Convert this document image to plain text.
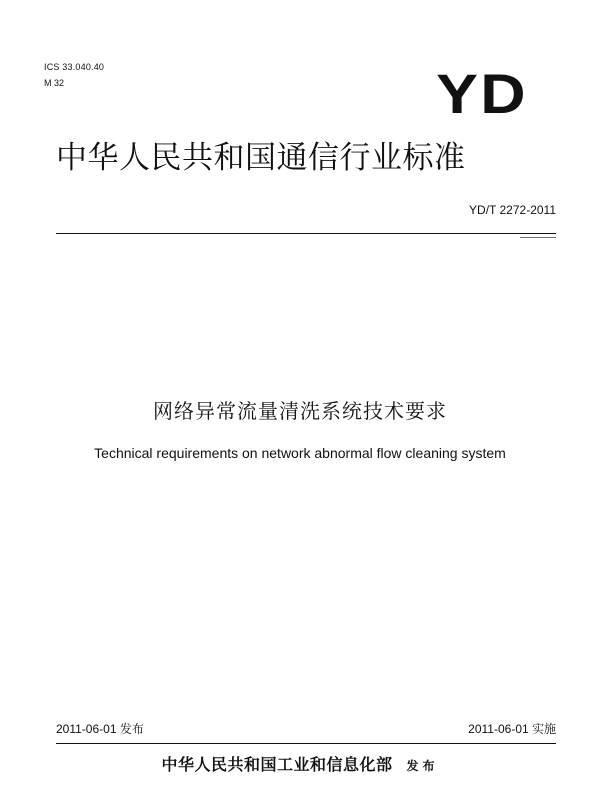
ICS 33.040.40
M 32	YD
中华人民共和国通信行业标准
YD/T 2272-2011
网络异常流量清洗系统技术要求
Technical requirements on network abnormal flow cleaning system
2011-06-01 发布	2011-06-01 实施
中华人民共和国工业和信息化部 发布
